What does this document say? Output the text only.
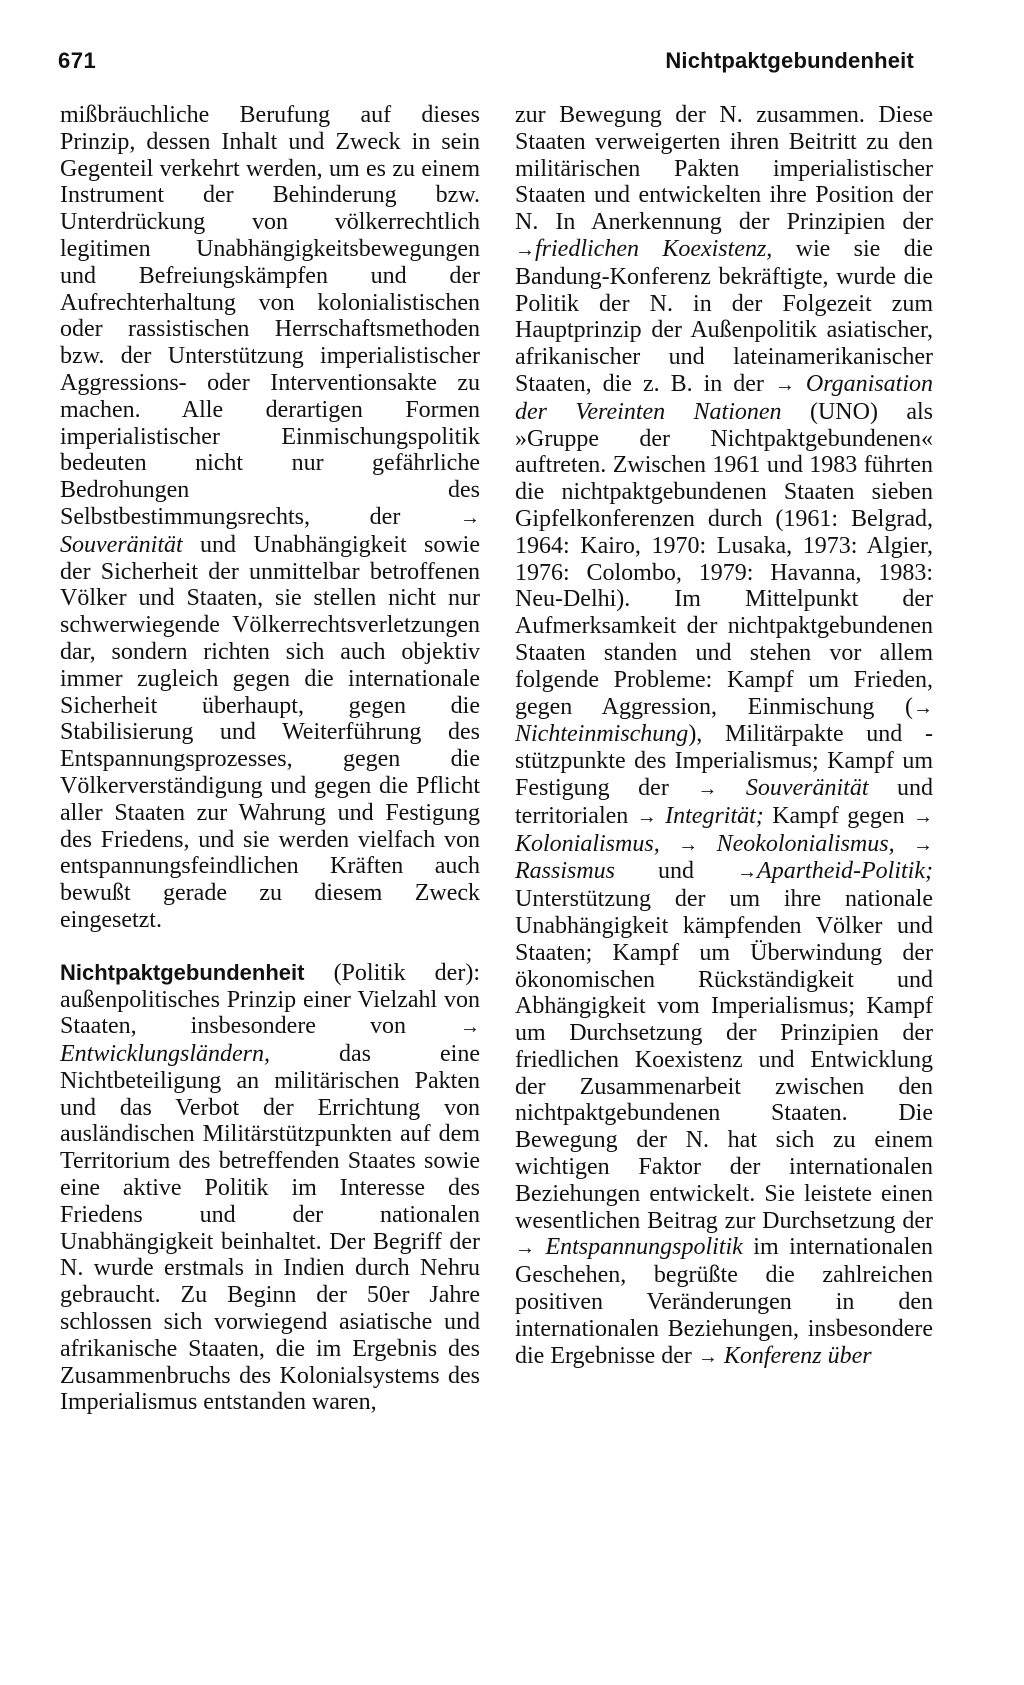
671	Nichtpaktgebundenheit

mißbräuchliche Berufung auf dieses Prinzip, dessen Inhalt und Zweck in sein Gegenteil verkehrt werden, um es zu einem Instrument der Behinderung bzw. Unterdrückung von völkerrechtlich legitimen Unabhängigkeitsbewegungen und Befreiungskämpfen und der Aufrechterhaltung von kolonialistischen oder rassistischen Herrschaftsmethoden bzw. der Unterstützung imperialistischer Aggressions- oder Interventionsakte zu machen. Alle derartigen Formen imperialistischer Einmischungspolitik bedeuten nicht nur gefährliche Bedrohungen des Selbstbestimmungsrechts, der	→ Souveränität und Unabhängigkeit sowie der Sicherheit der unmittelbar betroffenen Völker und Staaten, sie stellen nicht nur schwerwiegende Völkerrechtsverletzungen dar, sondern richten sich auch objektiv immer zugleich gegen die internationale Sicherheit überhaupt, gegen die Stabilisierung und Weiterführung des Entspannungsprozesses, gegen die Völkerverständigung und gegen die Pflicht aller Staaten zur Wahrung und Festigung des Friedens, und sie werden vielfach von entspannungsfeindlichen Kräften auch bewußt gerade zu diesem Zweck eingesetzt.

Nichtpaktgebundenheit (Politik der): außenpolitisches Prinzip einer Vielzahl von Staaten, insbesondere von	→ Entwicklungsländern,	das eine Nichtbeteiligung an militärischen Pakten und das Verbot der Errichtung von ausländischen Militärstützpunkten auf dem Territorium des betreffenden Staates sowie eine aktive Politik im Interesse des Friedens und der nationalen Unabhängigkeit beinhaltet. Der Begriff der N. wurde erstmals in Indien durch Nehru gebraucht. Zu Beginn der 50er Jahre schlossen sich vorwiegend asiatische und afrikanische Staaten, die im Ergebnis des Zusammenbruchs des Kolonialsystems des Imperialismus entstanden waren,

zur Bewegung der N. zusammen. Diese Staaten verweigerten ihren Beitritt zu den militärischen Pakten imperialistischer Staaten und entwickelten ihre Position der N. In Anerkennung der Prinzipien der →friedlichen Koexistenz, wie sie die Bandung-Konferenz bekräftigte, wurde die Politik der N. in der Folgezeit zum Hauptprinzip der Außenpolitik asiatischer, afrikanischer und lateinamerikanischer Staaten, die z. B. in der → Organisation der Vereinten Nationen (UNO) als »Gruppe der Nichtpaktgebundenen« auftreten. Zwischen 1961 und 1983 führten die nichtpaktgebundenen Staaten sieben Gipfelkonferenzen durch (1961: Belgrad, 1964: Kairo, 1970: Lusaka, 1973: Algier, 1976: Colombo, 1979: Havanna, 1983: Neu-Delhi). Im Mittelpunkt der Aufmerksamkeit der nichtpaktgebundenen Staaten standen und stehen vor allem folgende Probleme: Kampf um Frieden, gegen Aggression, Einmischung (→ Nichteinmischung), Militärpakte und -stützpunkte des Imperialismus; Kampf um Festigung der → Souveränität und territorialen → Integrität; Kampf gegen → Kolonialismus, → Neokolonialismus, → Rassismus und →Apartheid-Politik; Unterstützung der um ihre nationale Unabhängigkeit kämpfenden Völker und Staaten; Kampf um Überwindung der ökonomischen Rückständigkeit und Abhängigkeit vom Imperialismus; Kampf um Durchsetzung der Prinzipien der friedlichen Koexistenz und Entwicklung der Zusammenarbeit zwischen den nichtpaktgebundenen Staaten. Die Bewegung der N. hat sich zu einem wichtigen Faktor der internationalen Beziehungen entwickelt. Sie leistete einen wesentlichen Beitrag zur Durchsetzung der → Entspannungspolitik im internationalen Geschehen, begrüßte die zahlreichen positiven Veränderungen in den internationalen Beziehungen, insbesondere die Ergebnisse der → Konferenz über
